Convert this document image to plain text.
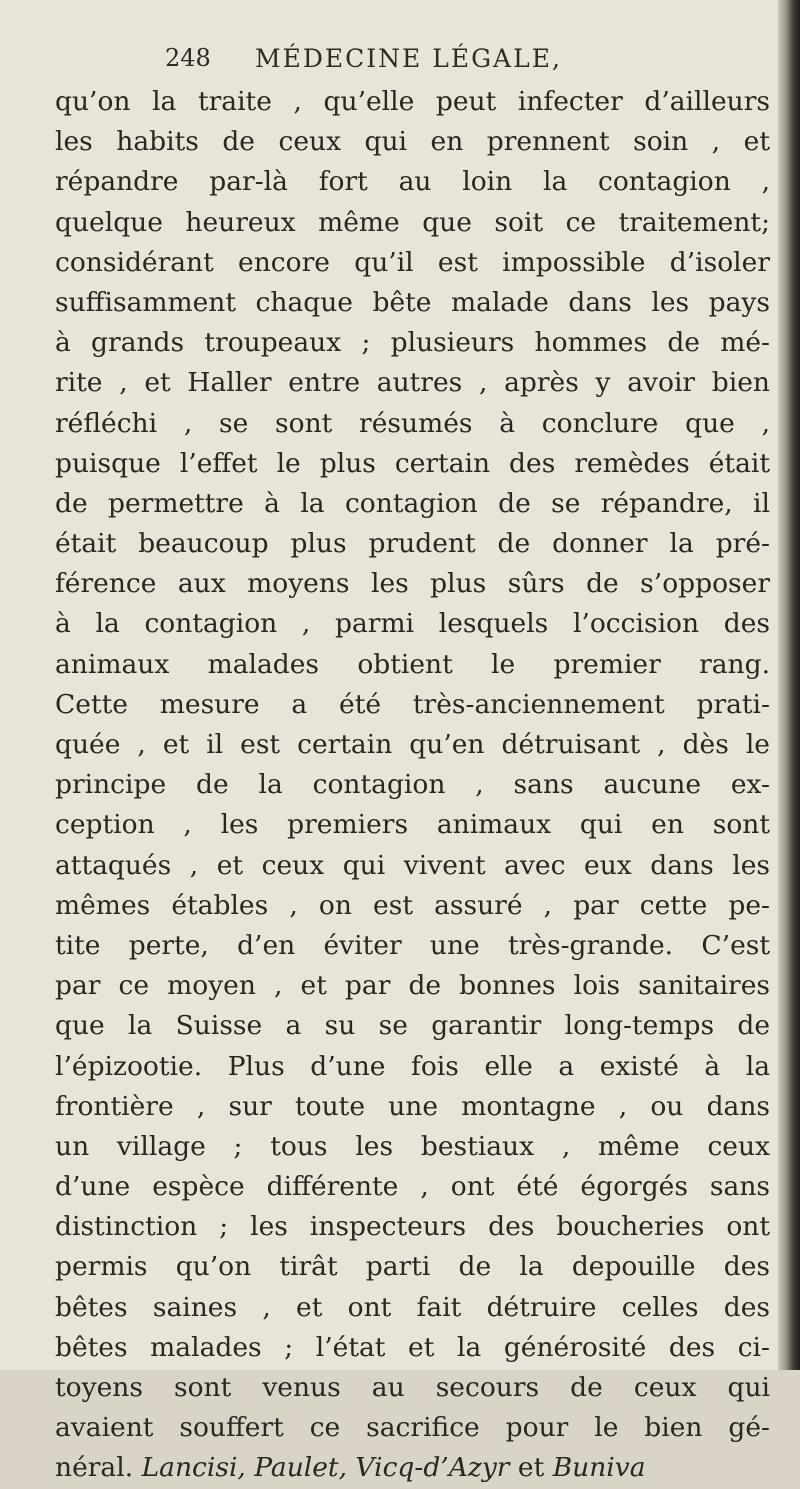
248 MÉDECINE LÉGALE,
qu’on la traite , qu’elle peut infecter d’ailleurs
les habits de ceux qui en prennent soin , et
répandre par-là fort au loin la contagion ,
quelque heureux même que soit ce traitement;
considérant encore qu’il est impossible d’isoler
suffisamment chaque bête malade dans les pays
à grands troupeaux ; plusieurs hommes de mé-
rite , et Haller entre autres , après y avoir bien
réfléchi , se sont résumés à conclure que ,
puisque l’effet le plus certain des remèdes était
de permettre à la contagion de se répandre, il
était beaucoup plus prudent de donner la pré-
férence aux moyens les plus sûrs de s’opposer
à la contagion , parmi lesquels l’occision des
animaux malades obtient le premier rang.
Cette mesure a été très-anciennement prati-
quée , et il est certain qu’en détruisant , dès le
principe de la contagion , sans aucune ex-
ception , les premiers animaux qui en sont
attaqués , et ceux qui vivent avec eux dans les
mêmes étables , on est assuré , par cette pe-
tite perte, d’en éviter une très-grande. C’est
par ce moyen , et par de bonnes lois sanitaires
que la Suisse a su se garantir long-temps de
l’épizootie. Plus d’une fois elle a existé à la
frontière , sur toute une montagne , ou dans
un village ; tous les bestiaux , même ceux
d’une espèce différente , ont été égorgés sans
distinction ; les inspecteurs des boucheries ont
permis qu’on tirât parti de la depouille des
bêtes saines , et ont fait détruire celles des
bêtes malades ; l’état et la générosité des ci-
toyens sont venus au secours de ceux qui
avaient souffert ce sacrifice pour le bien gé-
néral. Lancisi, Paulet, Vicq-d’Azyr et Buniva
